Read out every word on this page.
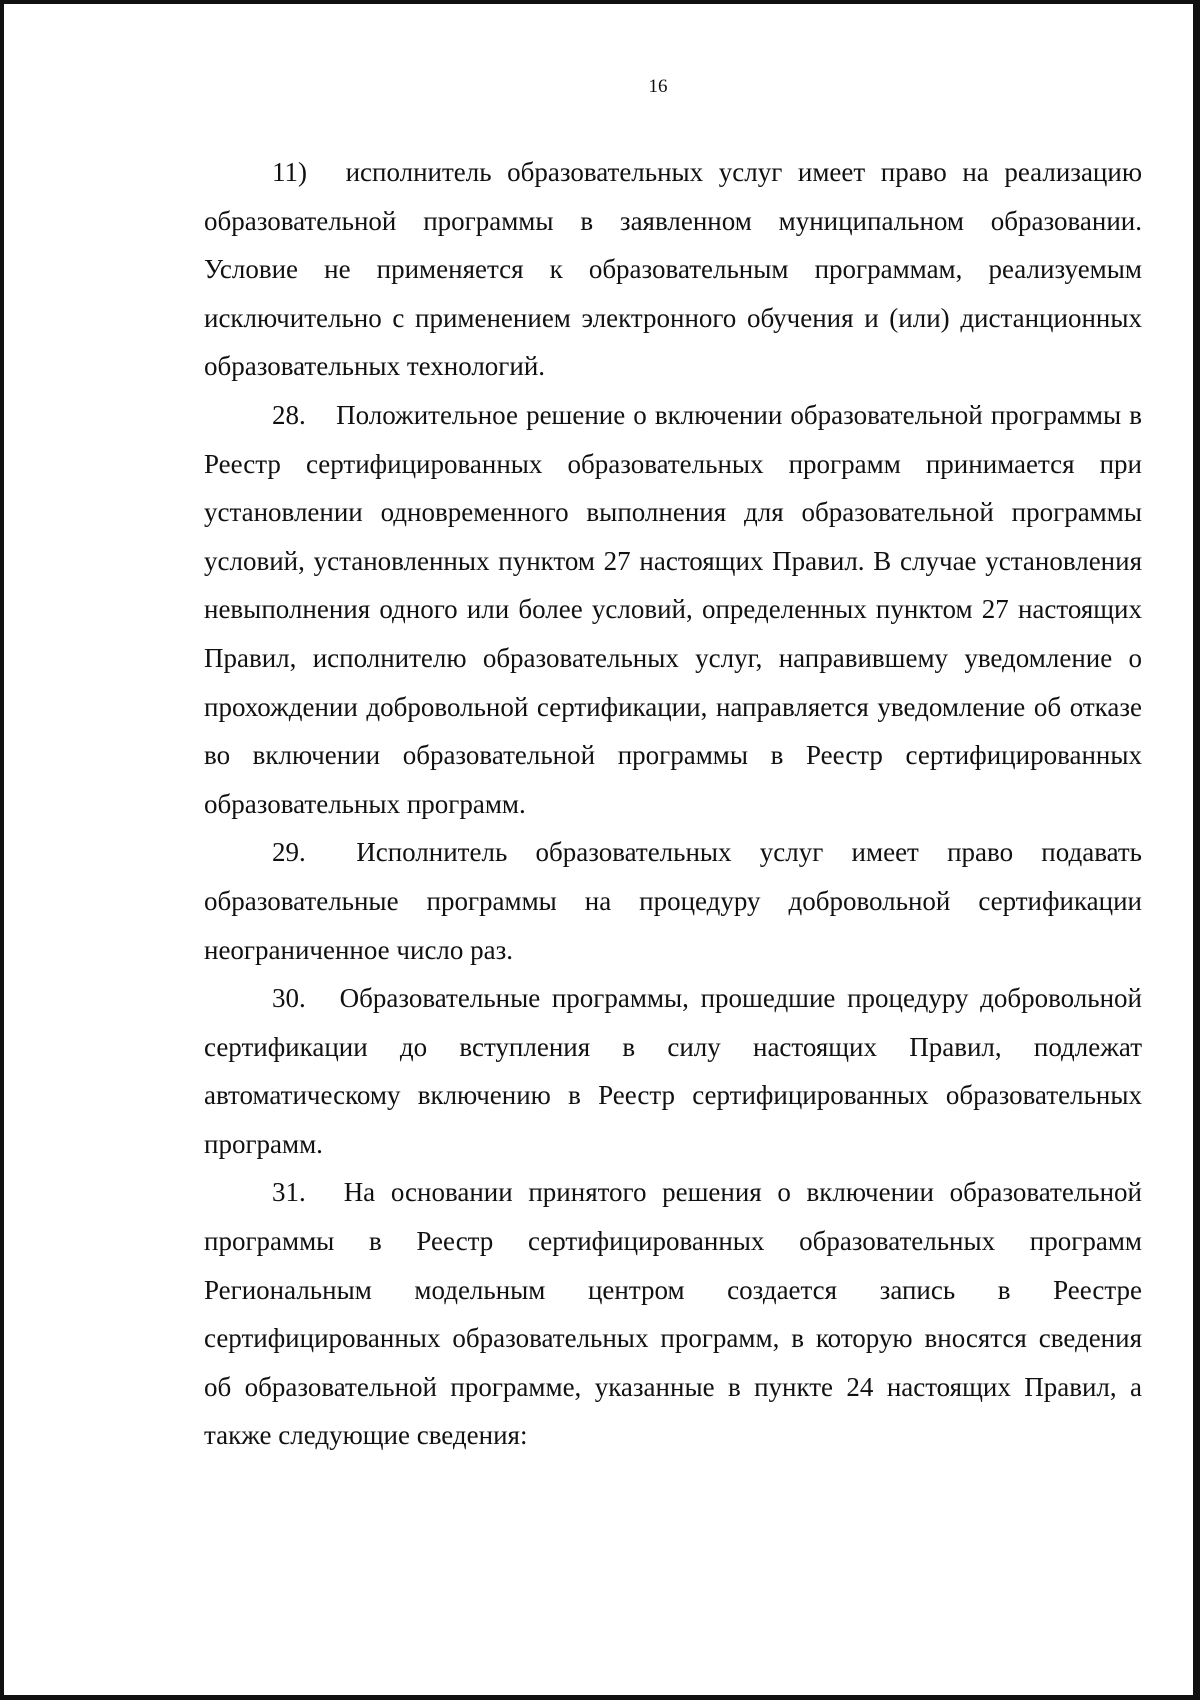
16

11) исполнитель образовательных услуг имеет право на реализацию образовательной программы в заявленном муниципальном образовании. Условие не применяется к образовательным программам, реализуемым исключительно с применением электронного обучения и (или) дистанционных образовательных технологий.

28. Положительное решение о включении образовательной программы в Реестр сертифицированных образовательных программ принимается при установлении одновременного выполнения для образовательной программы условий, установленных пунктом 27 настоящих Правил. В случае установления невыполнения одного или более условий, определенных пунктом 27 настоящих Правил, исполнителю образовательных услуг, направившему уведомление о прохождении добровольной сертификации, направляется уведомление об отказе во включении образовательной программы в Реестр сертифицированных образовательных программ.

29. Исполнитель образовательных услуг имеет право подавать образовательные программы на процедуру добровольной сертификации неограниченное число раз.

30. Образовательные программы, прошедшие процедуру добровольной сертификации до вступления в силу настоящих Правил, подлежат автоматическому включению в Реестр сертифицированных образовательных программ.

31. На основании принятого решения о включении образовательной программы в Реестр сертифицированных образовательных программ Региональным модельным центром создается запись в Реестре сертифицированных образовательных программ, в которую вносятся сведения об образовательной программе, указанные в пункте 24 настоящих Правил, а также следующие сведения:
